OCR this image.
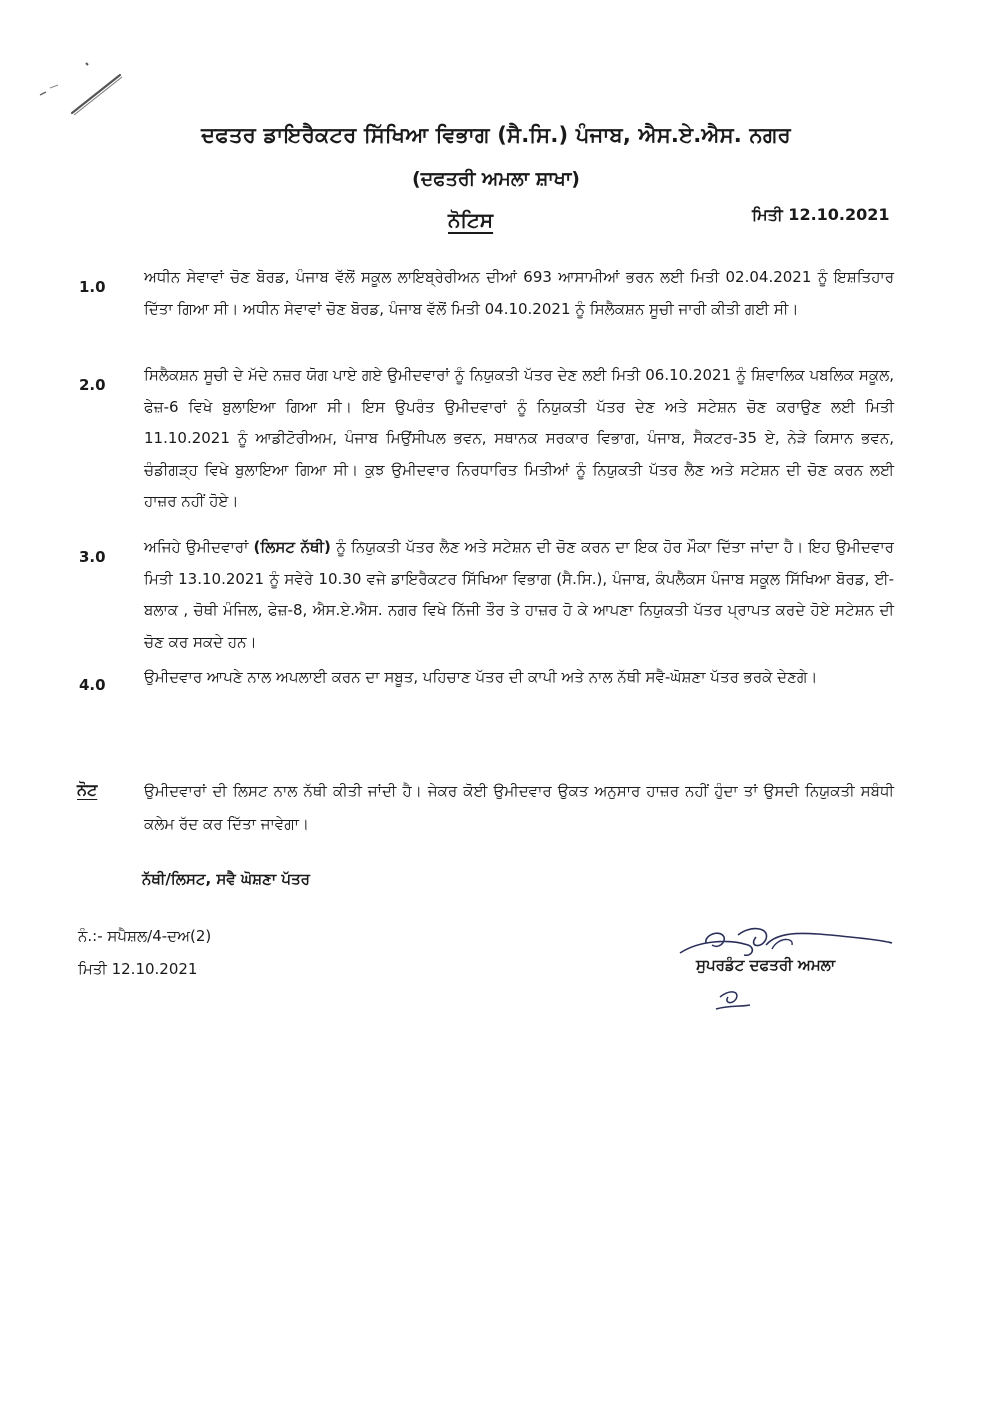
ਦਫਤਰ ਡਾਇਰੈਕਟਰ ਸਿੱਖਿਆ ਵਿਭਾਗ (ਸੈ.ਸਿ.) ਪੰਜਾਬ, ਐਸ.ਏ.ਐਸ. ਨਗਰ
(ਦਫਤਰੀ ਅਮਲਾ ਸ਼ਾਖਾ)
ਨੋਟਿਸ	ਮਿਤੀ 12.10.2021
1.0
ਅਧੀਨ ਸੇਵਾਵਾਂ ਚੋਣ ਬੋਰਡ, ਪੰਜਾਬ ਵੱਲੋਂ ਸਕੂਲ ਲਾਇਬ੍ਰੇਰੀਅਨ ਦੀਆਂ 693 ਆਸਾਮੀਆਂ ਭਰਨ ਲਈ ਮਿਤੀ 02.04.2021 ਨੂੰ ਇਸ਼ਤਿਹਾਰ ਦਿੱਤਾ ਗਿਆ ਸੀ। ਅਧੀਨ ਸੇਵਾਵਾਂ ਚੋਣ ਬੋਰਡ, ਪੰਜਾਬ ਵੱਲੋਂ ਮਿਤੀ 04.10.2021 ਨੂੰ ਸਿਲੈਕਸ਼ਨ ਸੂਚੀ ਜਾਰੀ ਕੀਤੀ ਗਈ ਸੀ।
2.0
ਸਿਲੈਕਸ਼ਨ ਸੂਚੀ ਦੇ ਮੱਦੇ ਨਜ਼ਰ ਯੋਗ ਪਾਏ ਗਏ ਉਮੀਦਵਾਰਾਂ ਨੂੰ ਨਿਯੁਕਤੀ ਪੱਤਰ ਦੇਣ ਲਈ ਮਿਤੀ 06.10.2021 ਨੂੰ ਸ਼ਿਵਾਲਿਕ ਪਬਲਿਕ ਸਕੂਲ, ਫੇਜ਼-6 ਵਿਖੇ ਬੁਲਾਇਆ ਗਿਆ ਸੀ। ਇਸ ਉਪਰੰਤ ਉਮੀਦਵਾਰਾਂ ਨੂੰ ਨਿਯੁਕਤੀ ਪੱਤਰ ਦੇਣ ਅਤੇ ਸਟੇਸ਼ਨ ਚੋਣ ਕਰਾਉਣ ਲਈ ਮਿਤੀ 11.10.2021 ਨੂੰ ਆਡੀਟੋਰੀਅਮ, ਪੰਜਾਬ ਮਿਉਂਸੀਪਲ ਭਵਨ, ਸਥਾਨਕ ਸਰਕਾਰ ਵਿਭਾਗ, ਪੰਜਾਬ, ਸੈਕਟਰ-35 ਏ, ਨੇੜੇ ਕਿਸਾਨ ਭਵਨ, ਚੰਡੀਗੜ੍ਹ ਵਿਖੇ ਬੁਲਾਇਆ ਗਿਆ ਸੀ। ਕੁਝ ਉਮੀਦਵਾਰ ਨਿਰਧਾਰਿਤ ਮਿਤੀਆਂ ਨੂੰ ਨਿਯੁਕਤੀ ਪੱਤਰ ਲੈਣ ਅਤੇ ਸਟੇਸ਼ਨ ਦੀ ਚੋਣ ਕਰਨ ਲਈ ਹਾਜ਼ਰ ਨਹੀਂ ਹੋਏ।
3.0
ਅਜਿਹੇ ਉਮੀਦਵਾਰਾਂ (ਲਿਸਟ ਨੱਥੀ) ਨੂੰ ਨਿਯੁਕਤੀ ਪੱਤਰ ਲੈਣ ਅਤੇ ਸਟੇਸ਼ਨ ਦੀ ਚੋਣ ਕਰਨ ਦਾ ਇਕ ਹੋਰ ਮੌਕਾ ਦਿੱਤਾ ਜਾਂਦਾ ਹੈ। ਇਹ ਉਮੀਦਵਾਰ ਮਿਤੀ 13.10.2021 ਨੂੰ ਸਵੇਰੇ 10.30 ਵਜੇ ਡਾਇਰੈਕਟਰ ਸਿੱਖਿਆ ਵਿਭਾਗ (ਸੈ.ਸਿ.), ਪੰਜਾਬ, ਕੰਪਲੈਕਸ ਪੰਜਾਬ ਸਕੂਲ ਸਿੱਖਿਆ ਬੋਰਡ, ਈ-ਬਲਾਕ , ਚੋਥੀ ਮੰਜਿਲ, ਫੇਜ਼-8, ਐਸ.ਏ.ਐਸ. ਨਗਰ ਵਿਖੇ ਨਿੱਜੀ ਤੌਰ ਤੇ ਹਾਜ਼ਰ ਹੋ ਕੇ ਆਪਣਾ ਨਿਯੁਕਤੀ ਪੱਤਰ ਪ੍ਰਾਪਤ ਕਰਦੇ ਹੋਏ ਸਟੇਸ਼ਨ ਦੀ ਚੋਣ ਕਰ ਸਕਦੇ ਹਨ।
4.0	ਉਮੀਦਵਾਰ ਆਪਣੇ ਨਾਲ ਅਪਲਾਈ ਕਰਨ ਦਾ ਸਬੂਤ, ਪਹਿਚਾਣ ਪੱਤਰ ਦੀ ਕਾਪੀ ਅਤੇ ਨਾਲ ਨੱਥੀ ਸਵੈ-ਘੋਸ਼ਣਾ ਪੱਤਰ ਭਰਕੇ ਦੇਣਗੇ।
ਨੋਟ	ਉਮੀਦਵਾਰਾਂ ਦੀ ਲਿਸਟ ਨਾਲ ਨੱਥੀ ਕੀਤੀ ਜਾਂਦੀ ਹੈ। ਜੇਕਰ ਕੋਈ ਉਮੀਦਵਾਰ ਉਕਤ ਅਨੁਸਾਰ ਹਾਜ਼ਰ ਨਹੀਂ ਹੁੰਦਾ ਤਾਂ ਉਸਦੀ ਨਿਯੁਕਤੀ ਸਬੰਧੀ ਕਲੇਮ ਰੱਦ ਕਰ ਦਿੱਤਾ ਜਾਵੇਗਾ।
ਨੱਥੀ/ਲਿਸਟ, ਸਵੈ ਘੋਸ਼ਣਾ ਪੱਤਰ
ਨੰ.:- ਸਪੈਸ਼ਲ/4-ਦਅ(2)
ਮਿਤੀ 12.10.2021	ਸੁਪਰਡੰਟ ਦਫਤਰੀ ਅਮਲਾ
